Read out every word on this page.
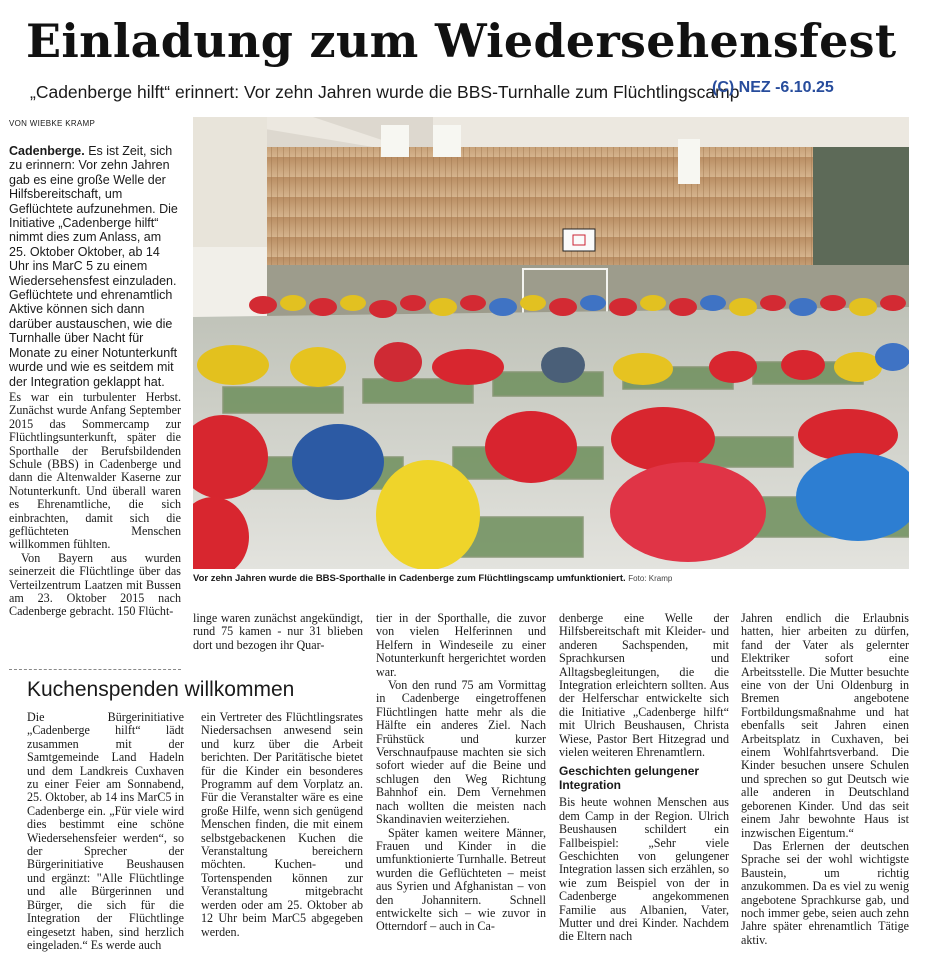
Einladung zum Wiedersehensfest
„Cadenberge hilft“ erinnert: Vor zehn Jahren wurde die BBS-Turnhalle zum Flüchtlingscamp
(C) NEZ -6.10.25
VON WIEBKE KRAMP

Cadenberge. Es ist Zeit, sich zu erinnern: Vor zehn Jahren gab es eine große Welle der Hilfsbereitschaft, um Geflüchtete aufzunehmen. Die Initiative „Cadenberge hilft“ nimmt dies zum Anlass, am 25. Oktober Oktober, ab 14 Uhr ins MarC 5 zu einem Wiedersehensfest einzuladen. Geflüchtete und ehrenamtlich Aktive können sich dann darüber austauschen, wie die Turnhalle über Nacht für Monate zu einer Notunterkunft wurde und wie es seitdem mit der Integration geklappt hat.

Es war ein turbulenter Herbst. Zunächst wurde Anfang September 2015 das Sommercamp zur Flüchtlingsunterkunft, später die Sporthalle der Berufsbildenden Schule (BBS) in Cadenberge und dann die Altenwalder Kaserne zur Notunterkunft. Und überall waren es Ehrenamtliche, die sich einbrachten, damit sich die geflüchteten Menschen willkommen fühlten.

Von Bayern aus wurden seinerzeit die Flüchtlinge über das Verteilzentrum Laatzen mit Bussen am 23. Oktober 2015 nach Cadenberge gebracht. 150 Flücht-

Vor zehn Jahren wurde die BBS-Sporthalle in Cadenberge zum Flüchtlingscamp umfunktioniert. Foto: Kramp
linge waren zunächst angekündigt, rund 75 kamen - nur 31 blieben dort und bezogen ihr Quar-

tier in der Sporthalle, die zuvor von vielen Helferinnen und Helfern in Windeseile zu einer Notunterkunft hergerichtet worden war.

Von den rund 75 am Vormittag in Cadenberge eingetroffenen Flüchtlingen hatte mehr als die Hälfte ein anderes Ziel. Nach Frühstück und kurzer Verschnaufpause machten sie sich sofort wieder auf die Beine und schlugen den Weg Richtung Bahnhof ein. Dem Vernehmen nach wollten die meisten nach Skandinavien weiterziehen.

Später kamen weitere Männer, Frauen und Kinder in die umfunktionierte Turnhalle. Betreut wurden die Geflüchteten – meist aus Syrien und Afghanistan – von den Johannitern. Schnell entwickelte sich – wie zuvor in Otterndorf – auch in Ca-

denberge eine Welle der Hilfsbereitschaft mit Kleider- und anderen Sachspenden, mit Sprachkursen und Alltagsbegleitungen, die die Integration erleichtern sollten. Aus der Helferschar entwickelte sich die Initiative „Cadenberge hilft“ mit Ulrich Beushausen, Christa Wiese, Pastor Bert Hitzegrad und vielen weiteren Ehrenamtlern.

Geschichten gelungener Integration

Bis heute wohnen Menschen aus dem Camp in der Region. Ulrich Beushausen schildert ein Fallbeispiel: „Sehr viele Geschichten von gelungener Integration lassen sich erzählen, so wie zum Beispiel von der in Cadenberge angekommenen Familie aus Albanien, Vater, Mutter und drei Kinder. Nachdem die Eltern nach

Jahren endlich die Erlaubnis hatten, hier arbeiten zu dürfen, fand der Vater als gelernter Elektriker sofort eine Arbeitsstelle. Die Mutter besuchte eine von der Uni Oldenburg in Bremen angebotene Fortbildungsmaßnahme und hat ebenfalls seit Jahren einen Arbeitsplatz in Cuxhaven, bei einem Wohlfahrtsverband. Die Kinder besuchen unsere Schulen und sprechen so gut Deutsch wie alle anderen in Deutschland geborenen Kinder. Und das seit einem Jahr bewohnte Haus ist inzwischen Eigentum.“

Das Erlernen der deutschen Sprache sei der wohl wichtigste Baustein, um richtig anzukommen. Da es viel zu wenig angebotene Sprachkurse gab, und noch immer gebe, seien auch zehn Jahre später ehrenamtlich Tätige aktiv.

Kuchenspenden willkommen
Die Bürgerinitiative „Cadenberge hilft“ lädt zusammen mit der Samtgemeinde Land Hadeln und dem Landkreis Cuxhaven zu einer Feier am Sonnabend, 25. Oktober, ab 14 ins MarC5 in Cadenberge ein. „Für viele wird dies bestimmt eine schöne Wiedersehensfeier werden“, so der Sprecher der Bürgerinitiative Beushausen und ergänzt: "Alle Flüchtlinge und alle Bürgerinnen und Bürger, die sich für die Integration der Flüchtlinge eingesetzt haben, sind herzlich eingeladen.“ Es werde auch
ein Vertreter des Flüchtlingsrates Niedersachsen anwesend sein und kurz über die Arbeit berichten. Der Paritätische bietet für die Kinder ein besonderes Programm auf dem Vorplatz an. Für die Veranstalter wäre es eine große Hilfe, wenn sich genügend Menschen finden, die mit einem selbstgebackenen Kuchen die Veranstaltung bereichern möchten. Kuchen- und Tortenspenden können zur Veranstaltung mitgebracht werden oder am 25. Oktober ab 12 Uhr beim MarC5 abgegeben werden.
